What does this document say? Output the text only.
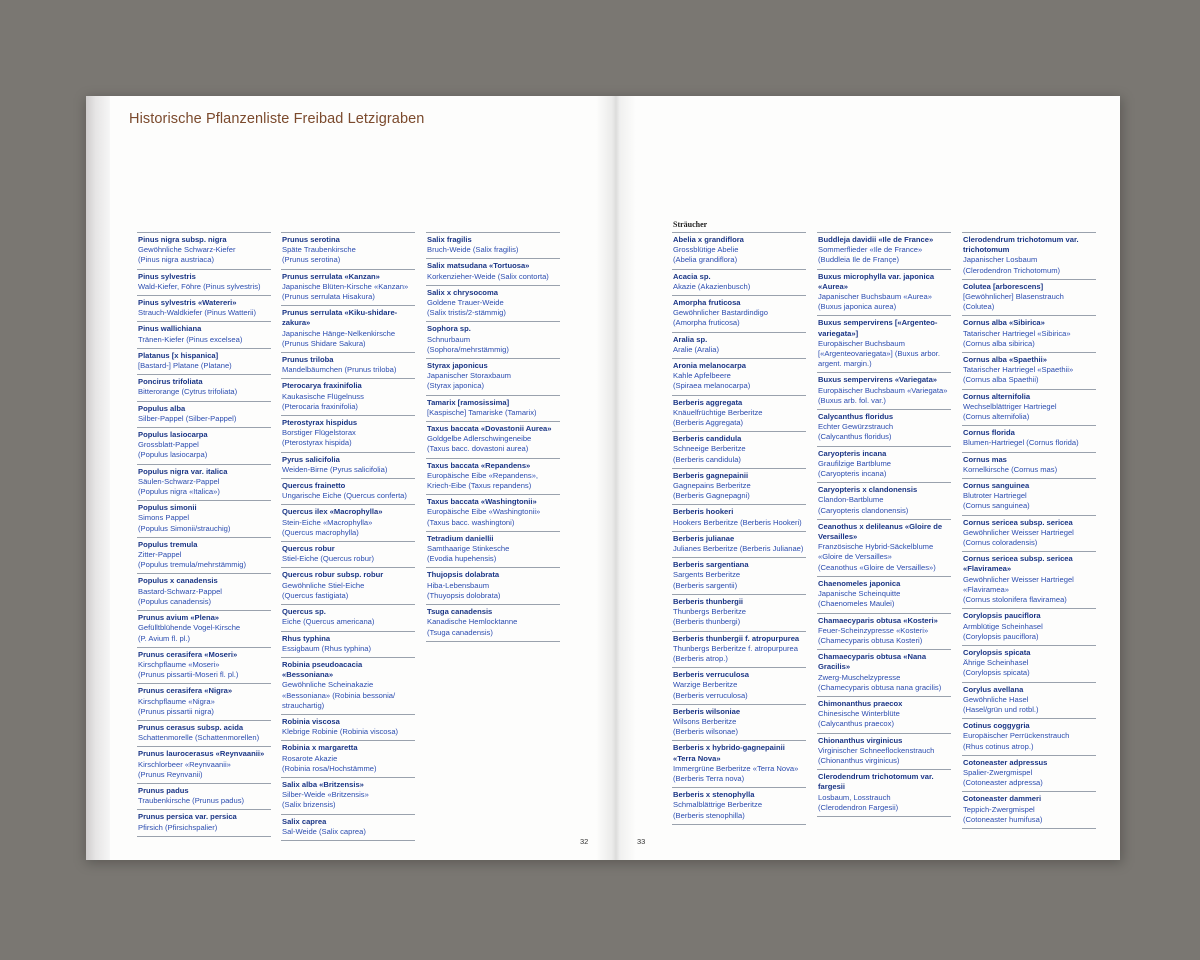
Historische Pflanzenliste Freibad Letzigraben
Sträucher
Pinus nigra subsp. nigra
Gewöhnliche Schwarz-Kiefer
(Pinus nigra austriaca)
Pinus sylvestris
Wald-Kiefer, Föhre (Pinus sylvestris)
Pinus sylvestris «Watereri»
Strauch-Waldkiefer (Pinus Watterii)
Pinus wallichiana
Tränen-Kiefer (Pinus excelsea)
Platanus [x hispanica]
[Bastard-] Platane (Platane)
Poncirus trifoliata
Bitterorange (Cytrus trifoliata)
Populus alba
Silber-Pappel (Silber-Pappel)
Populus lasiocarpa
Grossblatt-Pappel
(Populus lasiocarpa)
Populus nigra var. italica
Säulen-Schwarz-Pappel
(Populus nigra «Italica»)
Populus simonii
Simons Pappel
(Populus Simonii/strauchig)
Populus tremula
Zitter-Pappel
(Populus tremula/mehrstämmig)
Populus x canadensis
Bastard-Schwarz-Pappel
(Populus canadensis)
Prunus avium «Plena»
Gefülltblühende Vogel-Kirsche
(P. Avium fl. pl.)
Prunus cerasifera «Moseri»
Kirschpflaume «Moseri»
(Prunus pissartii-Moseri fl. pl.)
Prunus cerasifera «Nigra»
Kirschpflaume «Nigra»
(Prunus pissartii nigra)
Prunus cerasus subsp. acida
Schattenmorelle (Schattenmorellen)
Prunus laurocerasus «Reynvaanii»
Kirschlorbeer «Reynvaanii»
(Prunus Reynvanii)
Prunus padus
Traubenkirsche (Prunus padus)
Prunus persica var. persica
Pfirsich (Pfirsichspalier)
Prunus serotina
Späte Traubenkirsche
(Prunus serotina)
Prunus serrulata «Kanzan»
Japanische Blüten-Kirsche «Kanzan»
(Prunus serrulata Hisakura)
Prunus serrulata «Kiku-shidare-zakura»
Japanische Hänge-Nelkenkirsche
(Prunus Shidare Sakura)
Prunus triloba
Mandelbäumchen (Prunus triloba)
Pterocarya fraxinifolia
Kaukasische Flügelnuss
(Pterocaria fraxinifolia)
Pterostyrax hispidus
Borstiger Flügelstorax
(Pterostyrax hispida)
Pyrus salicifolia
Weiden-Birne (Pyrus salicifolia)
Quercus frainetto
Ungarische Eiche (Quercus conferta)
Quercus ilex «Macrophylla»
Stein-Eiche «Macrophylla»
(Quercus macrophylla)
Quercus robur
Stiel-Eiche (Quercus robur)
Quercus robur subsp. robur
Gewöhnliche Stiel-Eiche
(Quercus fastigiata)
Quercus sp.
Eiche (Quercus americana)
Rhus typhina
Essigbaum (Rhus typhina)
Robinia pseudoacacia «Bessoniana»
Gewöhnliche Scheinakazie
«Bessoniana» (Robinia bessonia/
strauchartig)
Robinia viscosa
Klebrige Robinie (Robinia viscosa)
Robinia x margaretta
Rosarote Akazie
(Robinia rosa/Hochstämme)
Salix alba «Britzensis»
Silber-Weide «Britzensis»
(Salix brizensis)
Salix caprea
Sal-Weide (Salix caprea)
Salix fragilis
Bruch-Weide (Salix fragilis)
Salix matsudana «Tortuosa»
Korkenzieher-Weide (Salix contorta)
Salix x chrysocoma
Goldene Trauer-Weide
(Salix tristis/2-stämmig)
Sophora sp.
Schnurbaum
(Sophora/mehrstämmig)
Styrax japonicus
Japanischer Storaxbaum
(Styrax japonica)
Tamarix [ramosissima]
[Kaspische] Tamariske (Tamarix)
Taxus baccata «Dovastonii Aurea»
Goldgelbe Adlerschwingeneibe
(Taxus bacc. dovastoni aurea)
Taxus baccata «Repandens»
Europäische Eibe «Repandens»,
Kriech-Eibe (Taxus repandens)
Taxus baccata «Washingtonii»
Europäische Eibe «Washingtonii»
(Taxus bacc. washingtoni)
Tetradium daniellii
Samthaarige Stinkesche
(Evodia hupehensis)
Thujopsis dolabrata
Hiba-Lebensbaum
(Thuyopsis dolobrata)
Tsuga canadensis
Kanadische Hemlocktanne
(Tsuga canadensis)
Abelia x grandiflora
Grossblütige Abelie
(Abelia grandiflora)
Acacia sp.
Akazie (Akazienbusch)
Amorpha fruticosa
Gewöhnlicher Bastardindigo
(Amorpha fruticosa)
Aralia sp.
Aralie (Aralia)
Aronia melanocarpa
Kahle Apfelbeere
(Spiraea melanocarpa)
Berberis aggregata
Knäuelfrüchtige Berberitze
(Berberis Aggregata)
Berberis candidula
Schneeige Berberitze
(Berberis candidula)
Berberis gagnepainii
Gagnepains Berberitze
(Berberis Gagnepagni)
Berberis hookeri
Hookers Berberitze (Berberis Hookeri)
Berberis julianae
Julianes Berberitze (Berberis Julianae)
Berberis sargentiana
Sargents Berberitze
(Berberis sargentii)
Berberis thunbergii
Thunbergs Berberitze
(Berberis thunbergi)
Berberis thunbergii f. atropurpurea
Thunbergs Berberitze f. atropurpurea
(Berberis atrop.)
Berberis verruculosa
Warzige Berberitze
(Berberis verruculosa)
Berberis wilsoniae
Wilsons Berberitze
(Berberis wilsonae)
Berberis x hybrido-gagnepainii «Terra Nova»
Immergrüne Berberitze «Terra Nova»
(Berberis Terra nova)
Berberis x stenophylla
Schmalblättrige Berberitze
(Berberis stenophilla)
Buddleja davidii «Ile de France»
Sommerflieder «Ile de France»
(Buddleia Ile de Françe)
Buxus microphylla var. japonica «Aurea»
Japanischer Buchsbaum «Aurea»
(Buxus japonica aurea)
Buxus sempervirens [«Argenteo-variegata»]
Europäischer Buchsbaum
[«Argenteovariegata»] (Buxus arbor.
argent. margin.)
Buxus sempervirens «Variegata»
Europäischer Buchsbaum «Variegata»
(Buxus arb. fol. var.)
Calycanthus floridus
Echter Gewürzstrauch
(Calycanthus floridus)
Caryopteris incana
Graufilzige Bartblume
(Caryopteris incana)
Caryopteris x clandonensis
Clandon-Bartblume
(Caryopteris clandonensis)
Ceanothus x delileanus «Gloire de Versailles»
Französische Hybrid-Säckelblume
«Gloire de Versailles»
(Ceanothus «Gloire de Versailles»)
Chaenomeles japonica
Japanische Scheinquitte
(Chaenomeles Maulei)
Chamaecyparis obtusa «Kosteri»
Feuer-Scheinzypresse «Kosteri»
(Chamecyparis obtusa Kosteri)
Chamaecyparis obtusa «Nana Gracilis»
Zwerg-Muschelzypresse
(Chamecyparis obtusa nana gracilis)
Chimonanthus praecox
Chinesische Winterblüte
(Calycanthus praecox)
Chionanthus virginicus
Virginischer Schneeflockenstrauch
(Chionanthus virginicus)
Clerodendrum trichotomum var. fargesii
Losbaum, Losstrauch
(Clerodendron Fargesii)
Clerodendrum trichotomum var. trichotomum
Japanischer Losbaum
(Clerodendron Trichotomum)
Colutea [arborescens]
[Gewöhnlicher] Blasenstrauch
(Colutea)
Cornus alba «Sibirica»
Tatarischer Hartriegel «Sibirica»
(Cornus alba sibirica)
Cornus alba «Spaethii»
Tatarischer Hartriegel «Spaethii»
(Cornus alba Spaethii)
Cornus alternifolia
Wechselblättriger Hartriegel
(Cornus alternifolia)
Cornus florida
Blumen-Hartriegel (Cornus florida)
Cornus mas
Kornelkirsche (Cornus mas)
Cornus sanguinea
Blutroter Hartriegel
(Cornus sanguinea)
Cornus sericea subsp. sericea
Gewöhnlicher Weisser Hartriegel
(Cornus coloradensis)
Cornus sericea subsp. sericea «Flaviramea»
Gewöhnlicher Weisser Hartriegel
«Flaviramea»
(Cornus stolonifera flaviramea)
Corylopsis pauciflora
Armblütige Scheinhasel
(Corylopsis pauciflora)
Corylopsis spicata
Ährige Scheinhasel
(Corylopsis spicata)
Corylus avellana
Gewöhnliche Hasel
(Hasel/grün und rotbl.)
Cotinus coggygria
Europäischer Perrückenstrauch
(Rhus cotinus atrop.)
Cotoneaster adpressus
Spalier-Zwergmispel
(Cotoneaster adpressa)
Cotoneaster dammeri
Teppich-Zwergmispel
(Cotoneaster humifusa)
32	33
